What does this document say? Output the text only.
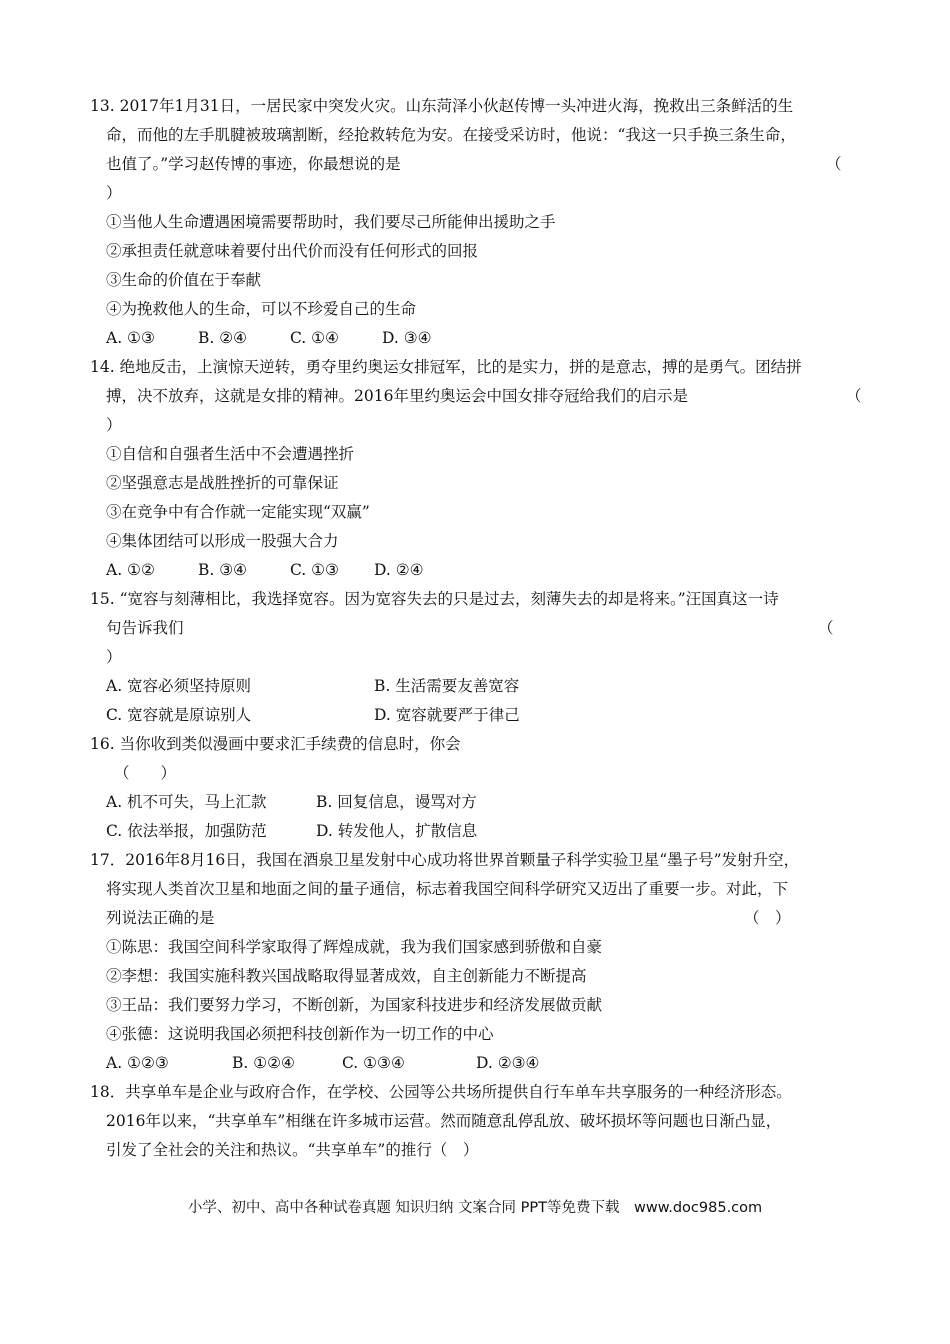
13. 2017年1月31日，一居民家中突发火灾。山东菏泽小伙赵传博一头冲进火海，挽救出三条鲜活的生
命，而他的左手肌腱被玻璃割断，经抢救转危为安。在接受采访时，他说：“我这一只手换三条生命，
也值了。”学习赵传博的事迹，你最想说的是	（
）
①当他人生命遭遇困境需要帮助时，我们要尽己所能伸出援助之手
②承担责任就意味着要付出代价而没有任何形式的回报
③生命的价值在于奉献
④为挽救他人的生命，可以不珍爱自己的生命
A. ①③	B. ②④	C. ①④	D. ③④
14. 绝地反击，上演惊天逆转，勇夺里约奥运女排冠军，比的是实力，拼的是意志，搏的是勇气。团结拼
搏，决不放弃，这就是女排的精神。2016年里约奥运会中国女排夺冠给我们的启示是	（
）
①自信和自强者生活中不会遭遇挫折
②坚强意志是战胜挫折的可靠保证
③在竞争中有合作就一定能实现“双赢”
④集体团结可以形成一股强大合力
A. ①②	B. ③④	C. ①③ D. ②④
15. “宽容与刻薄相比，我选择宽容。因为宽容失去的只是过去，刻薄失去的却是将来。”汪国真这一诗
句告诉我们	（
）
A. 宽容必须坚持原则	B. 生活需要友善宽容
C. 宽容就是原谅别人	D. 宽容就要严于律己
16. 当你收到类似漫画中要求汇手续费的信息时，你会
（　　）
A. 机不可失，马上汇款	B. 回复信息，谩骂对方
C. 依法举报，加强防范	D. 转发他人，扩散信息
17．2016年8月16日，我国在酒泉卫星发射中心成功将世界首颗量子科学实验卫星“墨子号”发射升空，
将实现人类首次卫星和地面之间的量子通信，标志着我国空间科学研究又迈出了重要一步。对此，下
列说法正确的是	（　）
①陈思：我国空间科学家取得了辉煌成就，我为我们国家感到骄傲和自豪
②李想：我国实施科教兴国战略取得显著成效，自主创新能力不断提高
③王品：我们要努力学习，不断创新，为国家科技进步和经济发展做贡献
④张德：这说明我国必须把科技创新作为一切工作的中心
A. ①②③	B. ①②④	C. ①③④	D. ②③④
18．共享单车是企业与政府合作，在学校、公园等公共场所提供自行车单车共享服务的一种经济形态。
2016年以来，“共享单车”相继在许多城市运营。然而随意乱停乱放、破坏损坏等问题也日渐凸显，
引发了全社会的关注和热议。“共享单车”的推行（　）
小学、初中、高中各种试卷真题 知识归纳 文案合同 PPT等免费下载　www.doc985.com
